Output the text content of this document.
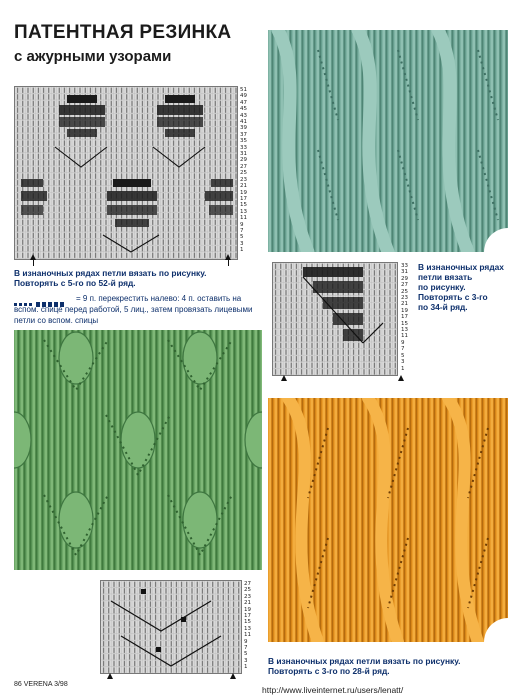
ПАТЕНТНАЯ РЕЗИНКА
с ажурными узорами
51
49
47
45
43
41
39
37
35
33
31
29
27
25
23
21
19
17
15
13
11
9
7
5
3
1
В изнаночных рядах петли вязать по рисунку.
Повторять с 5-го по 52-й ряд.
= 9 п. перекрестить налево: 4 п. оставить на
вспом. спице перед работой, 5 лиц., затем провязать лицевыми
петли со вспом. спицы
27
25
23
21
19
17
15
13
11
9
7
5
3
1
33
31
29
27
25
23
21
19
17
15
13
11
9
7
5
3
1
В изнаночных рядах
петли вязать
по рисунку.
Повторять с 3-го
по 34-й ряд.
В изнаночных рядах петли вязать по рисунку.
Повторять с 3-го по 28-й ряд.
86 VERENA 3/98
http://www.liveinternet.ru/users/lenatt/
